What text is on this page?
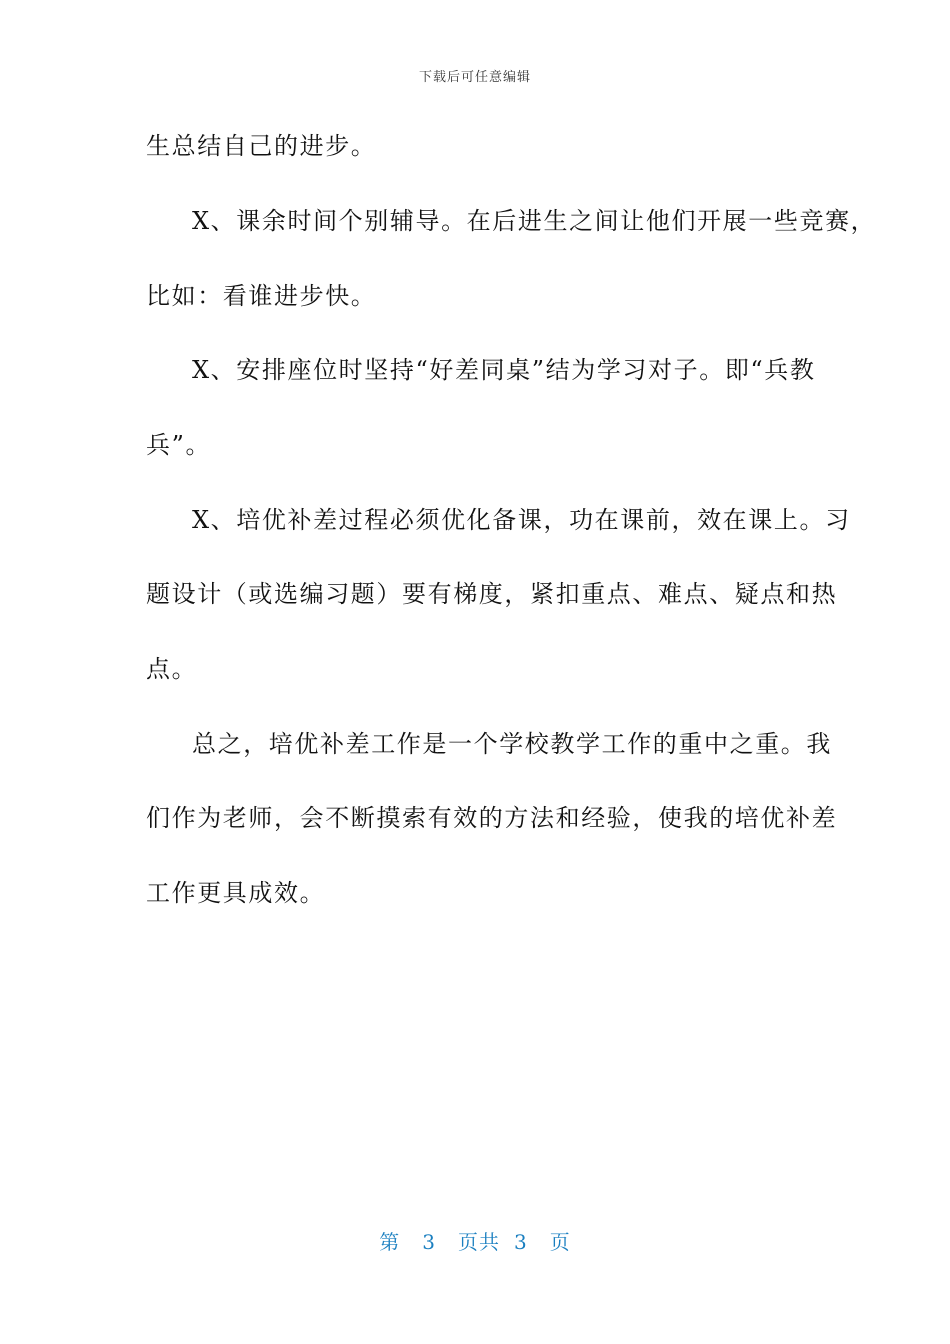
下载后可任意编辑
生总结自己的进步。
X、课余时间个别辅导。在后进生之间让他们开展一些竞赛，
比如：看谁进步快。
X、安排座位时坚持“好差同桌”结为学习对子。即“兵教
兵”。
X、培优补差过程必须优化备课，功在课前，效在课上。习
题设计（或选编习题）要有梯度，紧扣重点、难点、疑点和热
点。
总之，培优补差工作是一个学校教学工作的重中之重。我
们作为老师，会不断摸索有效的方法和经验，使我的培优补差
工作更具成效。
第 3 页共 3 页
